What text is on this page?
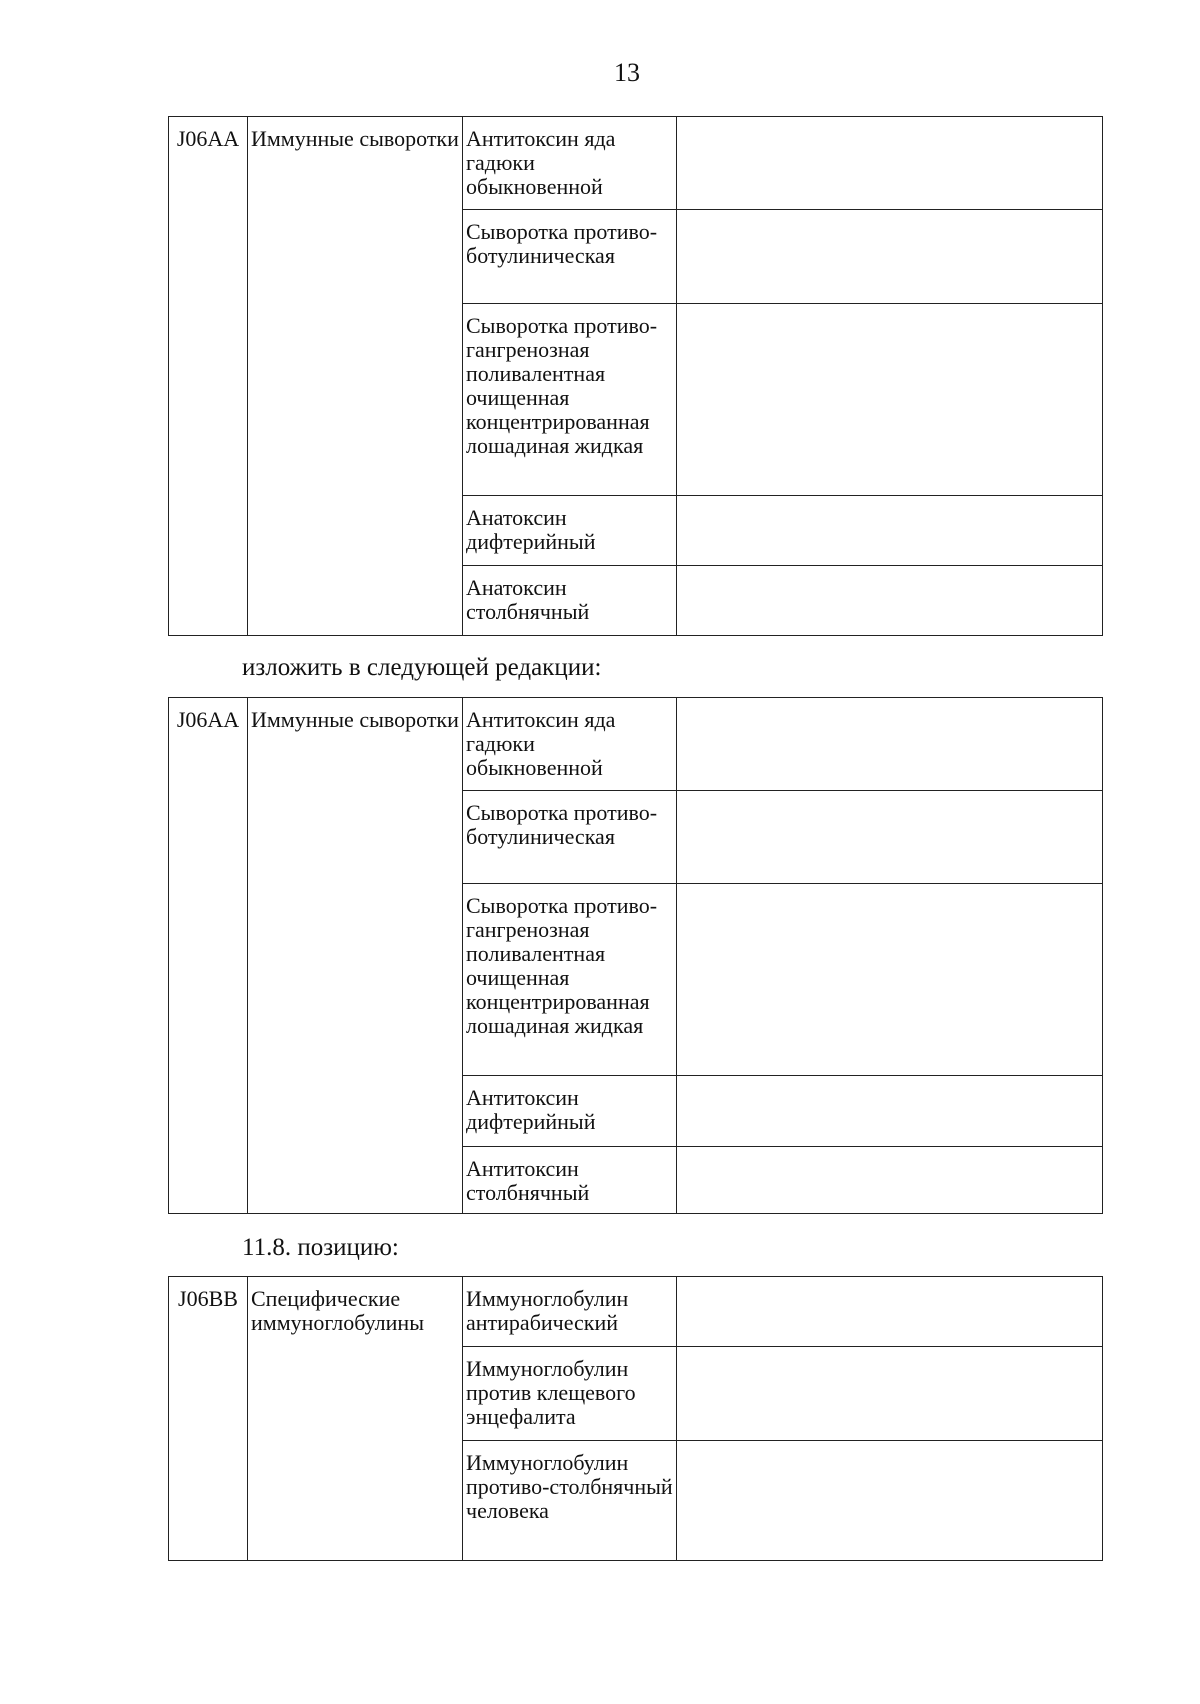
13
J06AA	Иммунные сыворотки	Антитоксин яда гадюки обыкновенной	
		Сыворотка противо-ботулиническая	
		Сыворотка противо-гангренозная поливалентная очищенная концентрированная лошадиная жидкая	
		Анатоксин дифтерийный	
		Анатоксин столбнячный	
изложить в следующей редакции:
J06AA	Иммунные сыворотки	Антитоксин яда гадюки обыкновенной	
		Сыворотка противо-ботулиническая	
		Сыворотка противо-гангренозная поливалентная очищенная концентрированная лошадиная жидкая	
		Антитоксин дифтерийный	
		Антитоксин столбнячный	
11.8. позицию:
J06BB	Специфические иммуноглобулины	Иммуноглобулин антирабический	
		Иммуноглобулин против клещевого энцефалита	
		Иммуноглобулин противо-столбнячный человека	
